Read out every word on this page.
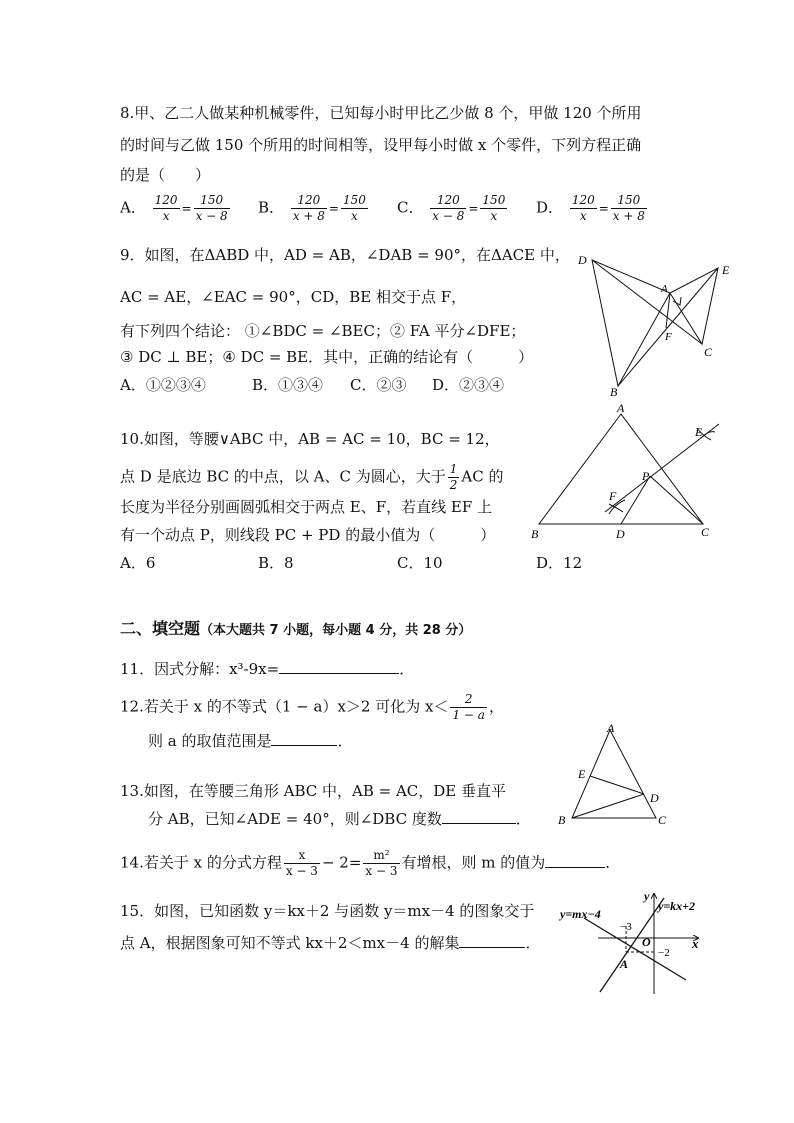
8.甲、乙二人做某种机械零件，已知每小时甲比乙少做 8 个，甲做 120 个所用
的时间与乙做 150 个所用的时间相等，设甲每小时做 x 个零件，下列方程正确
的是（　　）
A． $\frac{120}{x} = \frac{150}{x - 8}$ B． $\frac{120}{x + 8} = \frac{150}{x}$ C． $\frac{120}{x - 8} = \frac{150}{x}$ D． $\frac{120}{x} = \frac{150}{x + 8}$
9．如图，在ΔABD 中，AD = AB，∠DAB = 90°，在ΔACE 中，
AC = AE，∠EAC = 90°，CD，BE 相交于点 F，
有下列四个结论： ①∠BDC = ∠BEC；② FA 平分∠DFE；
③ DC ⊥ BE；④ DC = BE．其中，正确的结论有（　　　）
A．①②③④	B．①③④ C．②③ D．②③④
D
E
A
F
C
B
10.如图，等腰∨ABC 中，AB = AC = 10，BC = 12，
点 D 是底边 BC 的中点，以 A、C 为圆心，大于 $\frac{1}{2}$ AC 的
长度为半径分别画圆弧相交于两点 E、F，若直线 EF 上
有一个动点 P，则线段 PC + PD 的最小值为（　　　）
A．6	B．8	C．10	D．12
A
B	C
D
E
F
P
二、填空题（本大题共 7 小题，每小题 4 分，共 28 分）
11．因式分解：x³-9x=	．
12.若关于 x 的不等式（1 − a）x＞2 可化为 $x< \frac{2}{1 - a}$ ，
则 a 的取值范围是	．
13.如图，在等腰三角形 ABC 中，AB = AC，DE 垂直平
分 AB，已知∠ADE = 40°，则∠DBC 度数	．
A
E
D
B	C
14.若关于 x 的分式方程 $\frac{x}{x - 3} - 2= \frac{\text{m²}}{x - 3}$ 有增根，则 m 的值为	．
15．如图，已知函数 y＝kx＋2 与函数 y＝mx－4 的图象交于
点 A，根据图象可知不等式 kx＋2＜mx－4 的解集	．
y=mx−4
y=kx+2
y
x
O
A
−3
−2
